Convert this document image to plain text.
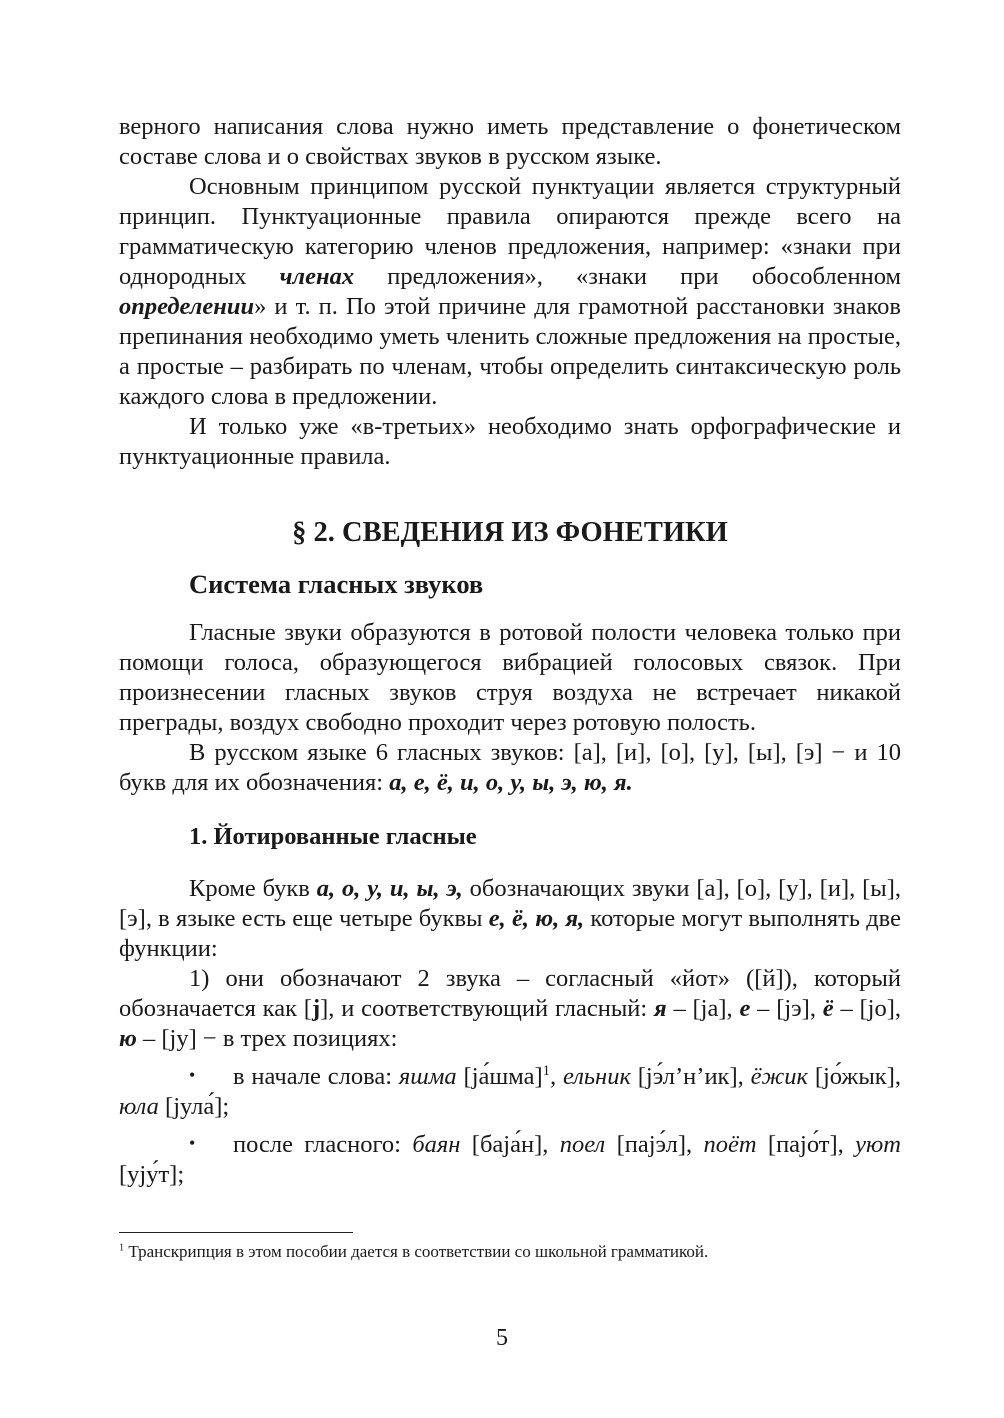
верного написания слова нужно иметь представление о фонетическом составе слова и о свойствах звуков в русском языке.

Основным принципом русской пунктуации является структурный принцип. Пунктуационные правила опираются прежде всего на грамматическую категорию членов предложения, например: «знаки при однородных членах предложения», «знаки при обособленном определении» и т. п. По этой причине для грамотной расстановки знаков препинания необходимо уметь членить сложные предложения на простые, а простые – разбирать по членам, чтобы определить синтаксическую роль каждого слова в предложении.

И только уже «в-третьих» необходимо знать орфографические и пунктуационные правила.

§ 2. СВЕДЕНИЯ ИЗ ФОНЕТИКИ
Система гласных звуков

Гласные звуки образуются в ротовой полости человека только при помощи голоса, образующегося вибрацией голосовых связок. При произнесении гласных звуков струя воздуха не встречает никакой преграды, воздух свободно проходит через ротовую полость.

В русском языке 6 гласных звуков: [а], [и], [о], [у], [ы], [э] − и 10 букв для их обозначения: а, е, ё, и, о, у, ы, э, ю, я.

1. Йотированные гласные

Кроме букв а, о, у, и, ы, э, обозначающих звуки [а], [о], [у], [и], [ы], [э], в языке есть еще четыре буквы е, ё, ю, я, которые могут выполнять две функции:

1) они обозначают 2 звука – согласный «йот» ([й]), который обозначается как [j], и соответствующий гласный: я – [jа], е – [jэ], ё – [jо], ю – [jу] − в трех позициях:

• в начале слова: яшма [jа́шма]$^1$, ельник [jэ́л’н’ик], ёжик [jо́жык], юла [jула́];

• после гласного: баян [баjа́н], поел [паjэ́л], поёт [паjо́т], уют [уjу́т];

$^1$ Транскрипция в этом пособии дается в соответствии со школьной грамматикой.
5
